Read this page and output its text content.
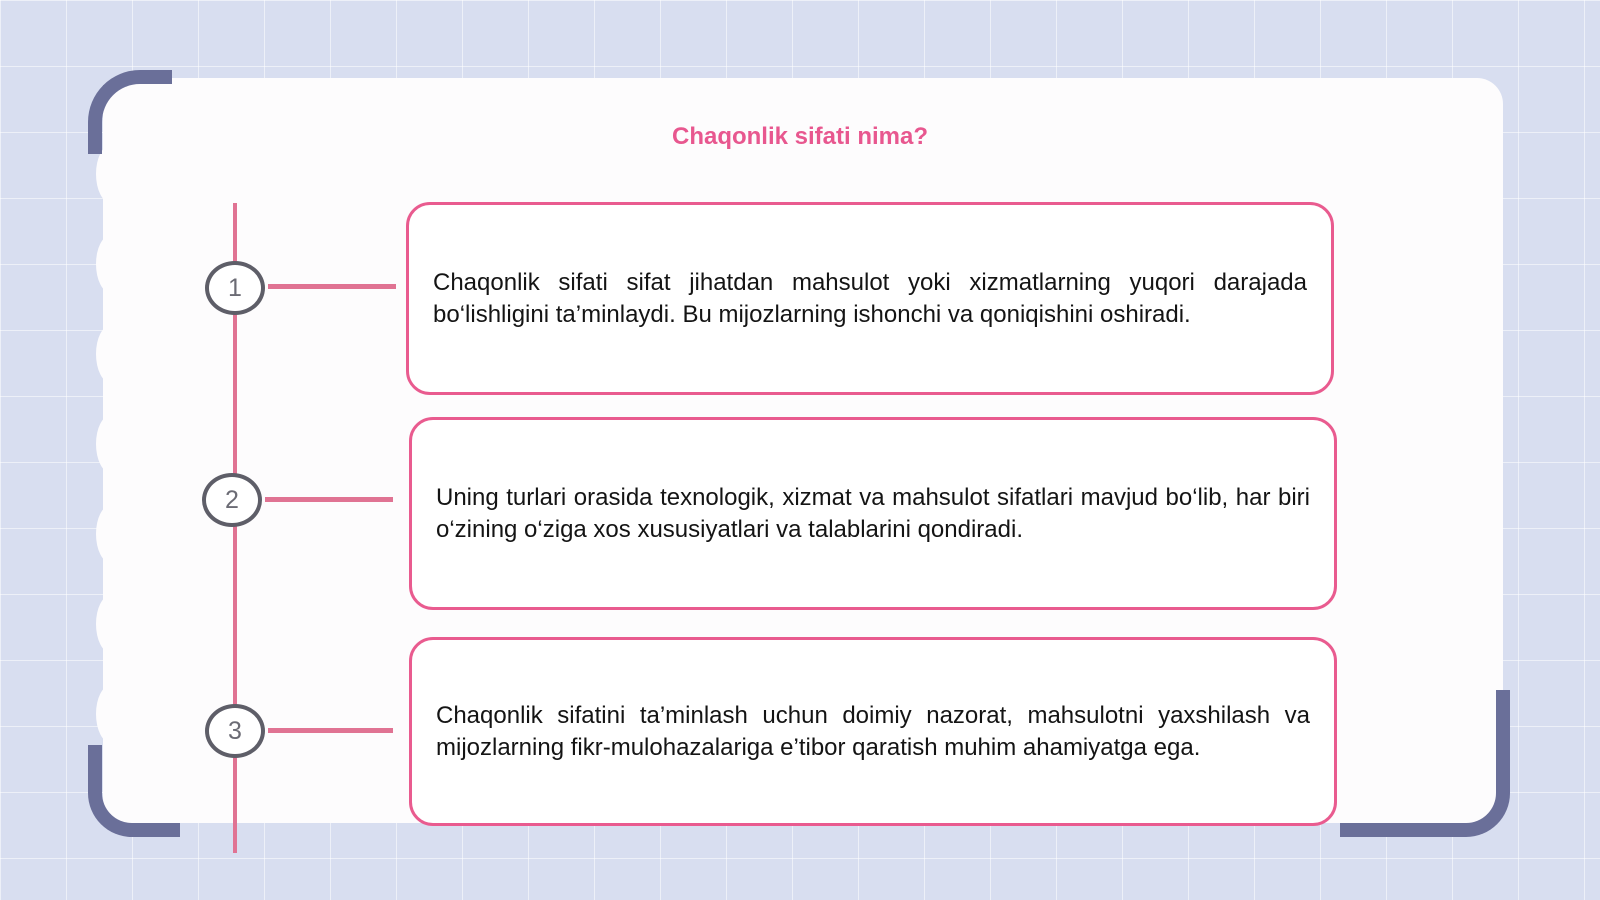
Chaqonlik sifati nima?
1	Chaqonlik sifati sifat jihatdan mahsulot yoki xizmatlarning yuqori darajada bo‘lishligini ta’minlaydi. Bu mijozlarning ishonchi va qoniqishini oshiradi.

2	Uning turlari orasida texnologik, xizmat va mahsulot sifatlari mavjud bo‘lib, har biri o‘zining o‘ziga xos xususiyatlari va talablarini qondiradi.

3

Chaqonlik sifatini ta’minlash uchun doimiy nazorat, mahsulotni yaxshilash va mijozlarning fikr-mulohazalariga e’tibor qaratish muhim ahamiyatga ega.
